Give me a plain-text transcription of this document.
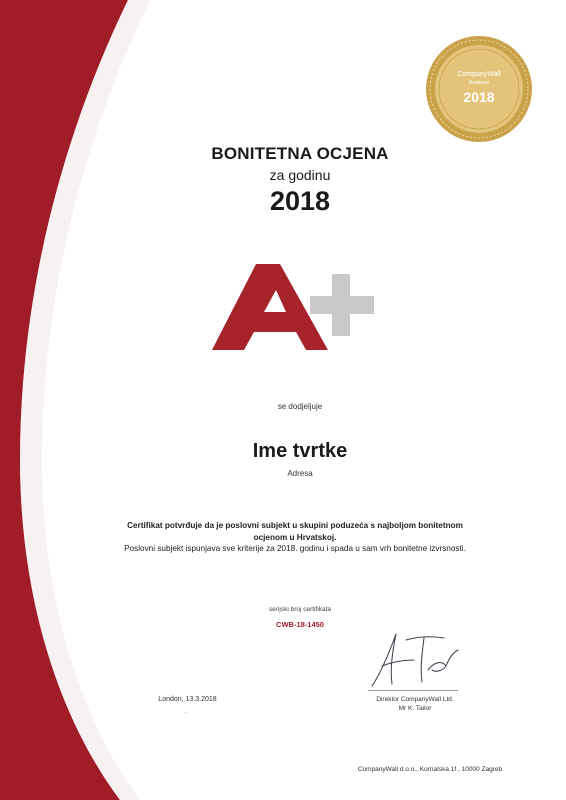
CompanyWall
Business
2018
BONITETNA OCJENA
za godinu
2018
se dodjeljuje
Ime tvrtke
Adresa
Certifikat potvrđuje da je poslovni subjekt u skupini poduzeća s najboljom bonitetnom
ocjenom u Hrvatskoj.
Poslovni subjekt ispunjava sve kriterije za 2018. godinu i spada u sam vrh bonitetne izvrsnosti.
serijski broj certifikata
CWB-18-1450
London, 13.3.2018
.
Direktor CompanyWall Ltd.
Mr K. Tailor
CompanyWall d.o.o., Kornatska 1f , 10000 Zagreb
